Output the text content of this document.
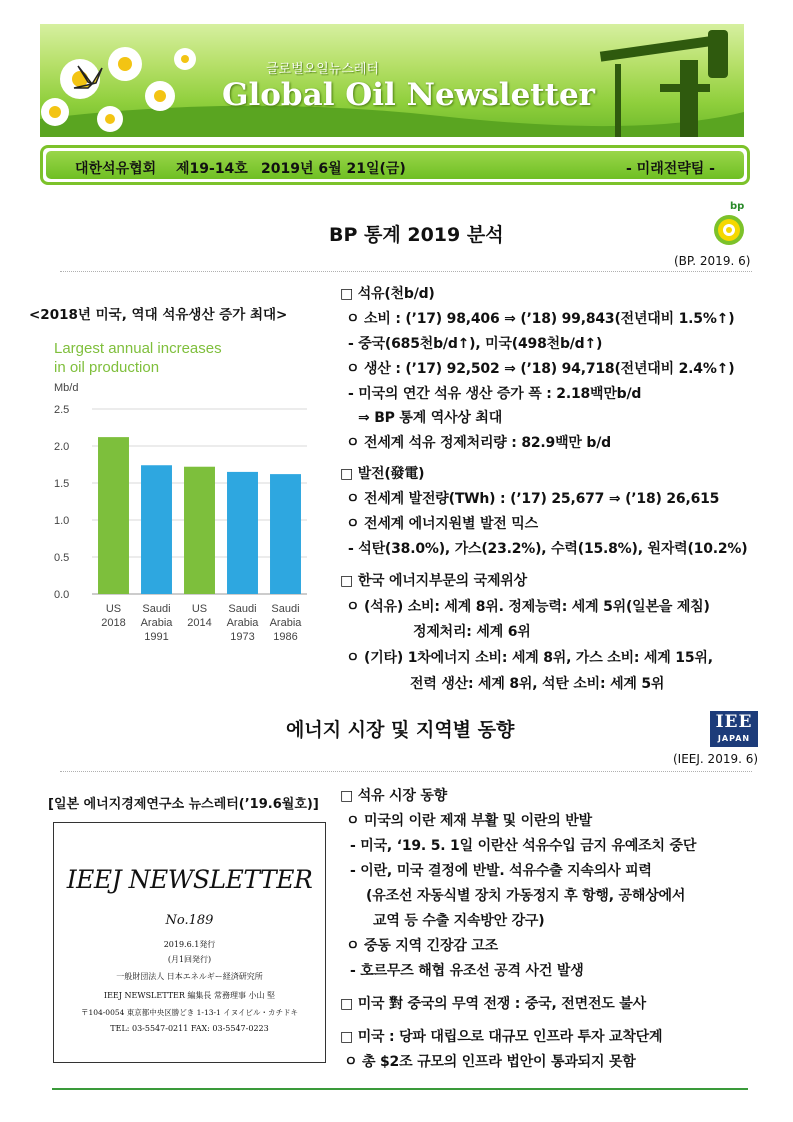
글로벌오일뉴스레터
Global Oil Newsletter
대한석유협회 제19-14호 2019년 6월 21일(금)	- 미래전략팀 -
BP 통계 2019 분석
bp
(BP. 2019. 6)
<2018년 미국, 역대 석유생산 증가 최대>
Largest annual increases
in oil production
Mb/d
0.0
0.5
1.0
1.5
2.0
2.5
US
2018
Saudi
Arabia
1991
US
2014
Saudi
Arabia
1973
Saudi
Arabia
1986
□ 석유(천b/d)
ㅇ 소비 : (’17) 98,406 ⇒ (’18) 99,843(전년대비 1.5%↑)
- 중국(685천b/d↑), 미국(498천b/d↑)
ㅇ 생산 : (’17) 92,502 ⇒ (’18) 94,718(전년대비 2.4%↑)
- 미국의 연간 석유 생산 증가 폭 : 2.18백만b/d
⇒ BP 통계 역사상 최대
ㅇ 전세계 석유 정제처리량 : 82.9백만 b/d
□ 발전(發電)
ㅇ 전세계 발전량(TWh) : (’17) 25,677 ⇒ (’18) 26,615
ㅇ 전세계 에너지원별 발전 믹스
- 석탄(38.0%), 가스(23.2%), 수력(15.8%), 원자력(10.2%)
□ 한국 에너지부문의 국제위상
ㅇ (석유) 소비: 세계 8위. 정제능력: 세계 5위(일본을 제침)
정제처리: 세계 6위
ㅇ (기타) 1차에너지 소비: 세계 8위, 가스 소비: 세계 15위,
전력 생산: 세계 8위, 석탄 소비: 세계 5위
에너지 시장 및 지역별 동향	IEE
JAPAN
(IEEJ. 2019. 6)
[일본 에너지경제연구소 뉴스레터(’19.6월호)]
IEEJ NEWSLETTER
No.189
2019.6.1発行
(月1回発行)
一般財団法人 日本エネルギー経済研究所
IEEJ NEWSLETTER 編集長 常務理事 小山 堅
〒104-0054 東京都中央区勝どき 1-13-1 イヌイビル・カチドキ
TEL: 03-5547-0211 FAX: 03-5547-0223
□ 석유 시장 동향
ㅇ 미국의 이란 제재 부활 및 이란의 반발
- 미국, ‘19. 5. 1일 이란산 석유수입 금지 유예조치 중단
- 이란, 미국 결정에 반발. 석유수출 지속의사 피력
(유조선 자동식별 장치 가동정지 후 항행, 공해상에서
교역 등 수출 지속방안 강구)
ㅇ 중동 지역 긴장감 고조
- 호르무즈 해협 유조선 공격 사건 발생
□ 미국 對 중국의 무역 전쟁 : 중국, 전면전도 불사
□ 미국 : 당파 대립으로 대규모 인프라 투자 교착단계
ㅇ 총 $2조 규모의 인프라 법안이 통과되지 못함
